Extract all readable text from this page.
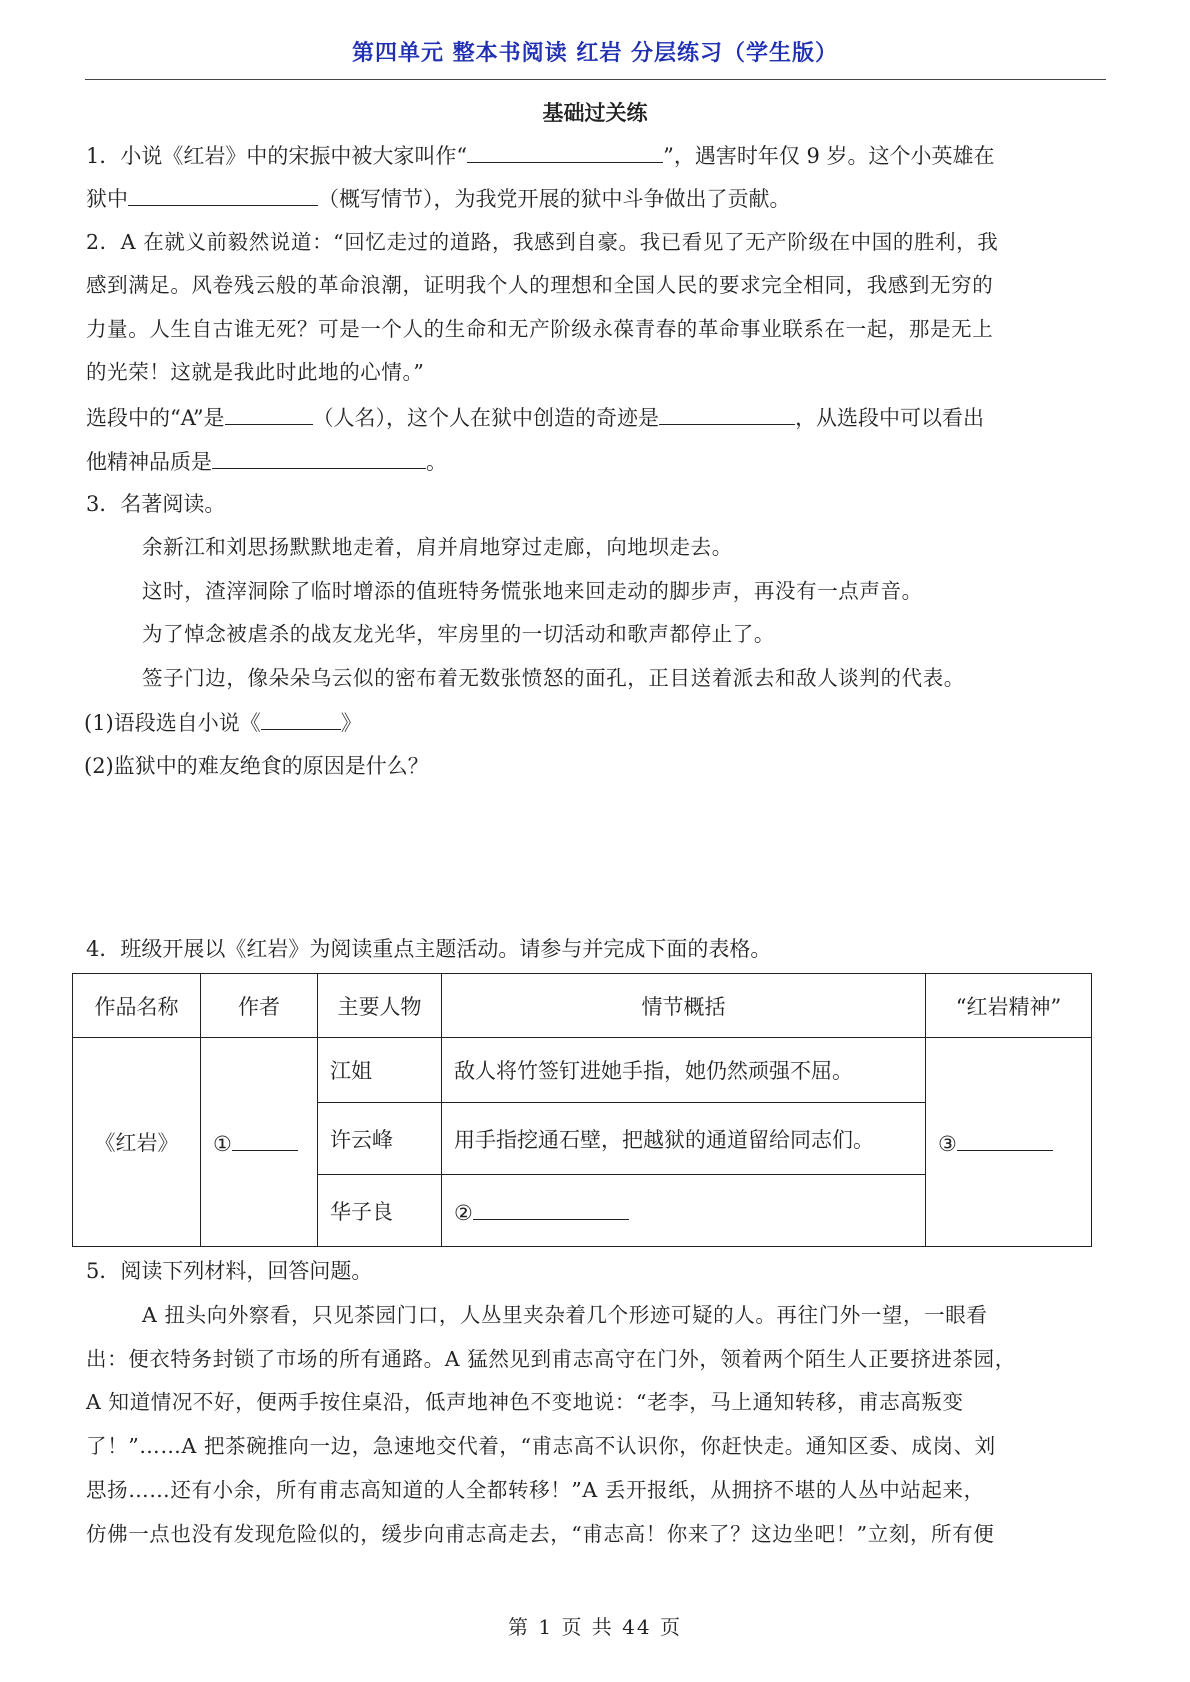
第四单元 整本书阅读 红岩 分层练习（学生版）
基础过关练
1．小说《红岩》中的宋振中被大家叫作“	”，遇害时年仅 9 岁。这个小英雄在
狱中	（概写情节），为我党开展的狱中斗争做出了贡献。
2．A 在就义前毅然说道：“回忆走过的道路，我感到自豪。我已看见了无产阶级在中国的胜利，我
感到满足。风卷残云般的革命浪潮，证明我个人的理想和全国人民的要求完全相同，我感到无穷的
力量。人生自古谁无死？可是一个人的生命和无产阶级永葆青春的革命事业联系在一起，那是无上
的光荣！这就是我此时此地的心情。”
选段中的“A”是	（人名），这个人在狱中创造的奇迹是	，从选段中可以看出
他精神品质是	。
3．名著阅读。
余新江和刘思扬默默地走着，肩并肩地穿过走廊，向地坝走去。
这时，渣滓洞除了临时增添的值班特务慌张地来回走动的脚步声，再没有一点声音。
为了悼念被虐杀的战友龙光华，牢房里的一切活动和歌声都停止了。
签子门边，像朵朵乌云似的密布着无数张愤怒的面孔，正目送着派去和敌人谈判的代表。
(1)语段选自小说《	》
(2)监狱中的难友绝食的原因是什么？
4．班级开展以《红岩》为阅读重点主题活动。请参与并完成下面的表格。
作品名称	作者	主要人物	情节概括	“红岩精神”
《红岩》	①	江姐	敌人将竹签钉进她手指，她仍然顽强不屈。	③
		许云峰	用手指挖通石壁，把越狱的通道留给同志们。	
		华子良	②	
5．阅读下列材料，回答问题。
A 扭头向外察看，只见茶园门口，人丛里夹杂着几个形迹可疑的人。再往门外一望，一眼看
出：便衣特务封锁了市场的所有通路。A 猛然见到甫志高守在门外，领着两个陌生人正要挤进茶园，
A 知道情况不好，便两手按住桌沿，低声地神色不变地说：“老李，马上通知转移，甫志高叛变
了！”……A 把茶碗推向一边，急速地交代着，“甫志高不认识你，你赶快走。通知区委、成岗、刘
思扬……还有小余，所有甫志高知道的人全都转移！”A 丢开报纸，从拥挤不堪的人丛中站起来，
仿佛一点也没有发现危险似的，缓步向甫志高走去，“甫志高！你来了？这边坐吧！”立刻，所有便
第 1 页 共 44 页
